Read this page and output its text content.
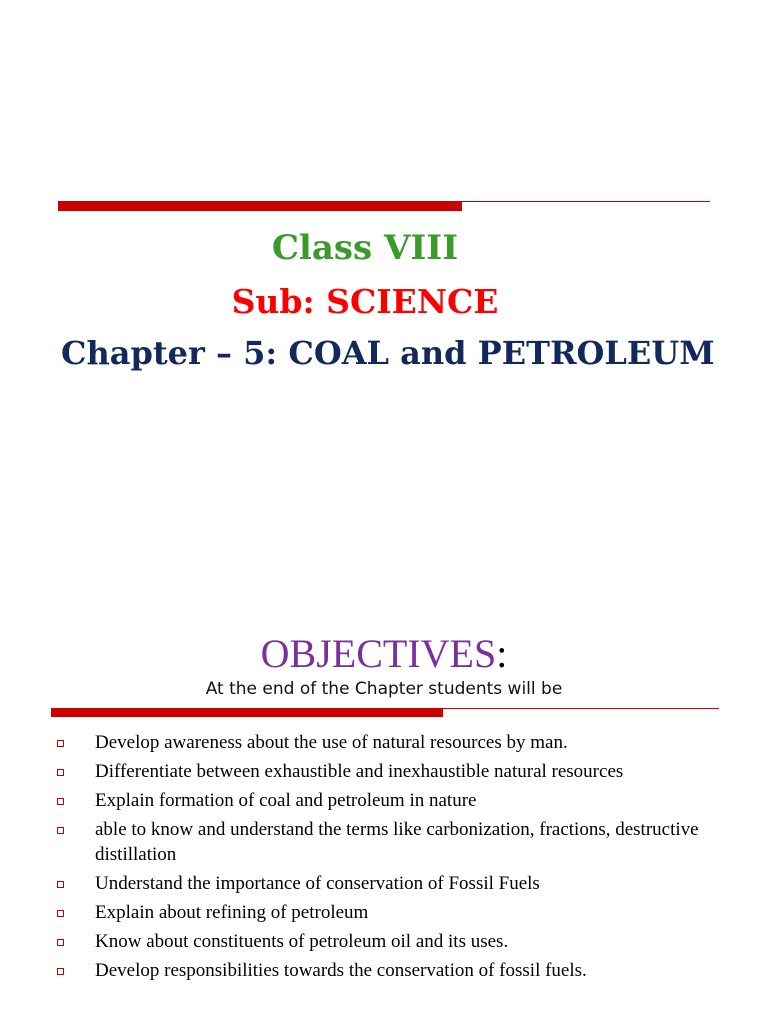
Class VIII
Sub: SCIENCE
Chapter – 5: COAL and PETROLEUM
OBJECTIVES:
At the end of the Chapter students will be
Develop awareness about the use of natural resources by man.
Differentiate between exhaustible and inexhaustible natural resources
Explain formation of coal and petroleum in nature
able to know and understand the terms like carbonization, fractions, destructive distillation
Understand the importance of conservation of Fossil Fuels
Explain about refining of petroleum
Know about constituents of petroleum oil and its uses.
Develop responsibilities towards the conservation of fossil fuels.
